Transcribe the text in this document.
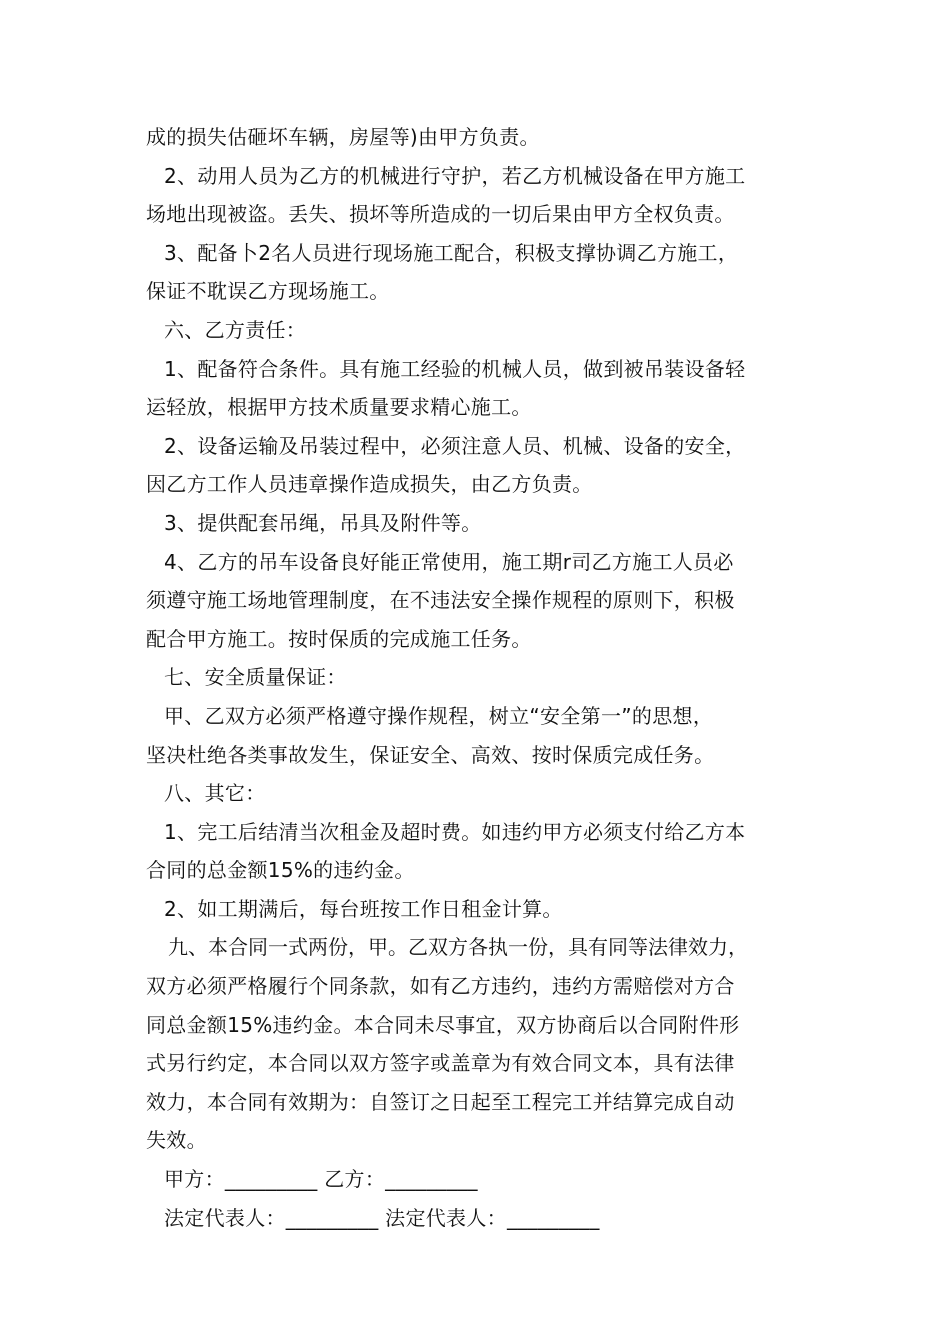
成的损失估砸坏车辆，房屋等)由甲方负责。
2、动用人员为乙方的机械进行守护，若乙方机械设备在甲方施工
场地出现被盗。丢失、损坏等所造成的一切后果由甲方全权负责。
3、配备卜2名人员进行现场施工配合，积极支撑协调乙方施工，
保证不耽误乙方现场施工。
六、乙方责任：
1、配备符合条件。具有施工经验的机械人员，做到被吊装设备轻
运轻放，根据甲方技术质量要求精心施工。
2、设备运输及吊装过程中，必须注意人员、机械、设备的安全，
因乙方工作人员违章操作造成损失，由乙方负责。
3、提供配套吊绳，吊具及附件等。
4、乙方的吊车设备良好能正常使用，施工期r司乙方施工人员必
须遵守施工场地管理制度，在不违法安全操作规程的原则下，积极
配合甲方施工。按时保质的完成施工任务。
七、安全质量保证：
甲、乙双方必须严格遵守操作规程，树立“安全第一”的思想，
坚决杜绝各类事故发生，保证安全、高效、按时保质完成任务。
八、其它：
1、完工后结清当次租金及超时费。如违约甲方必须支付给乙方本
合同的总金额15%的违约金。
2、如工期满后，每台班按工作日租金计算。
九、本合同一式两份，甲。乙双方各执一份，具有同等法律效力，
双方必须严格履行个同条款，如有乙方违约，违约方需赔偿对方合
同总金额15%违约金。本合同未尽事宜，双方协商后以合同附件形
式另行约定，本合同以双方签字或盖章为有效合同文本，具有法律
效力，本合同有效期为：自签订之日起至工程完工并结算完成自动
失效。
甲方：_________ 乙方：_________
法定代表人：_________ 法定代表人：_________
